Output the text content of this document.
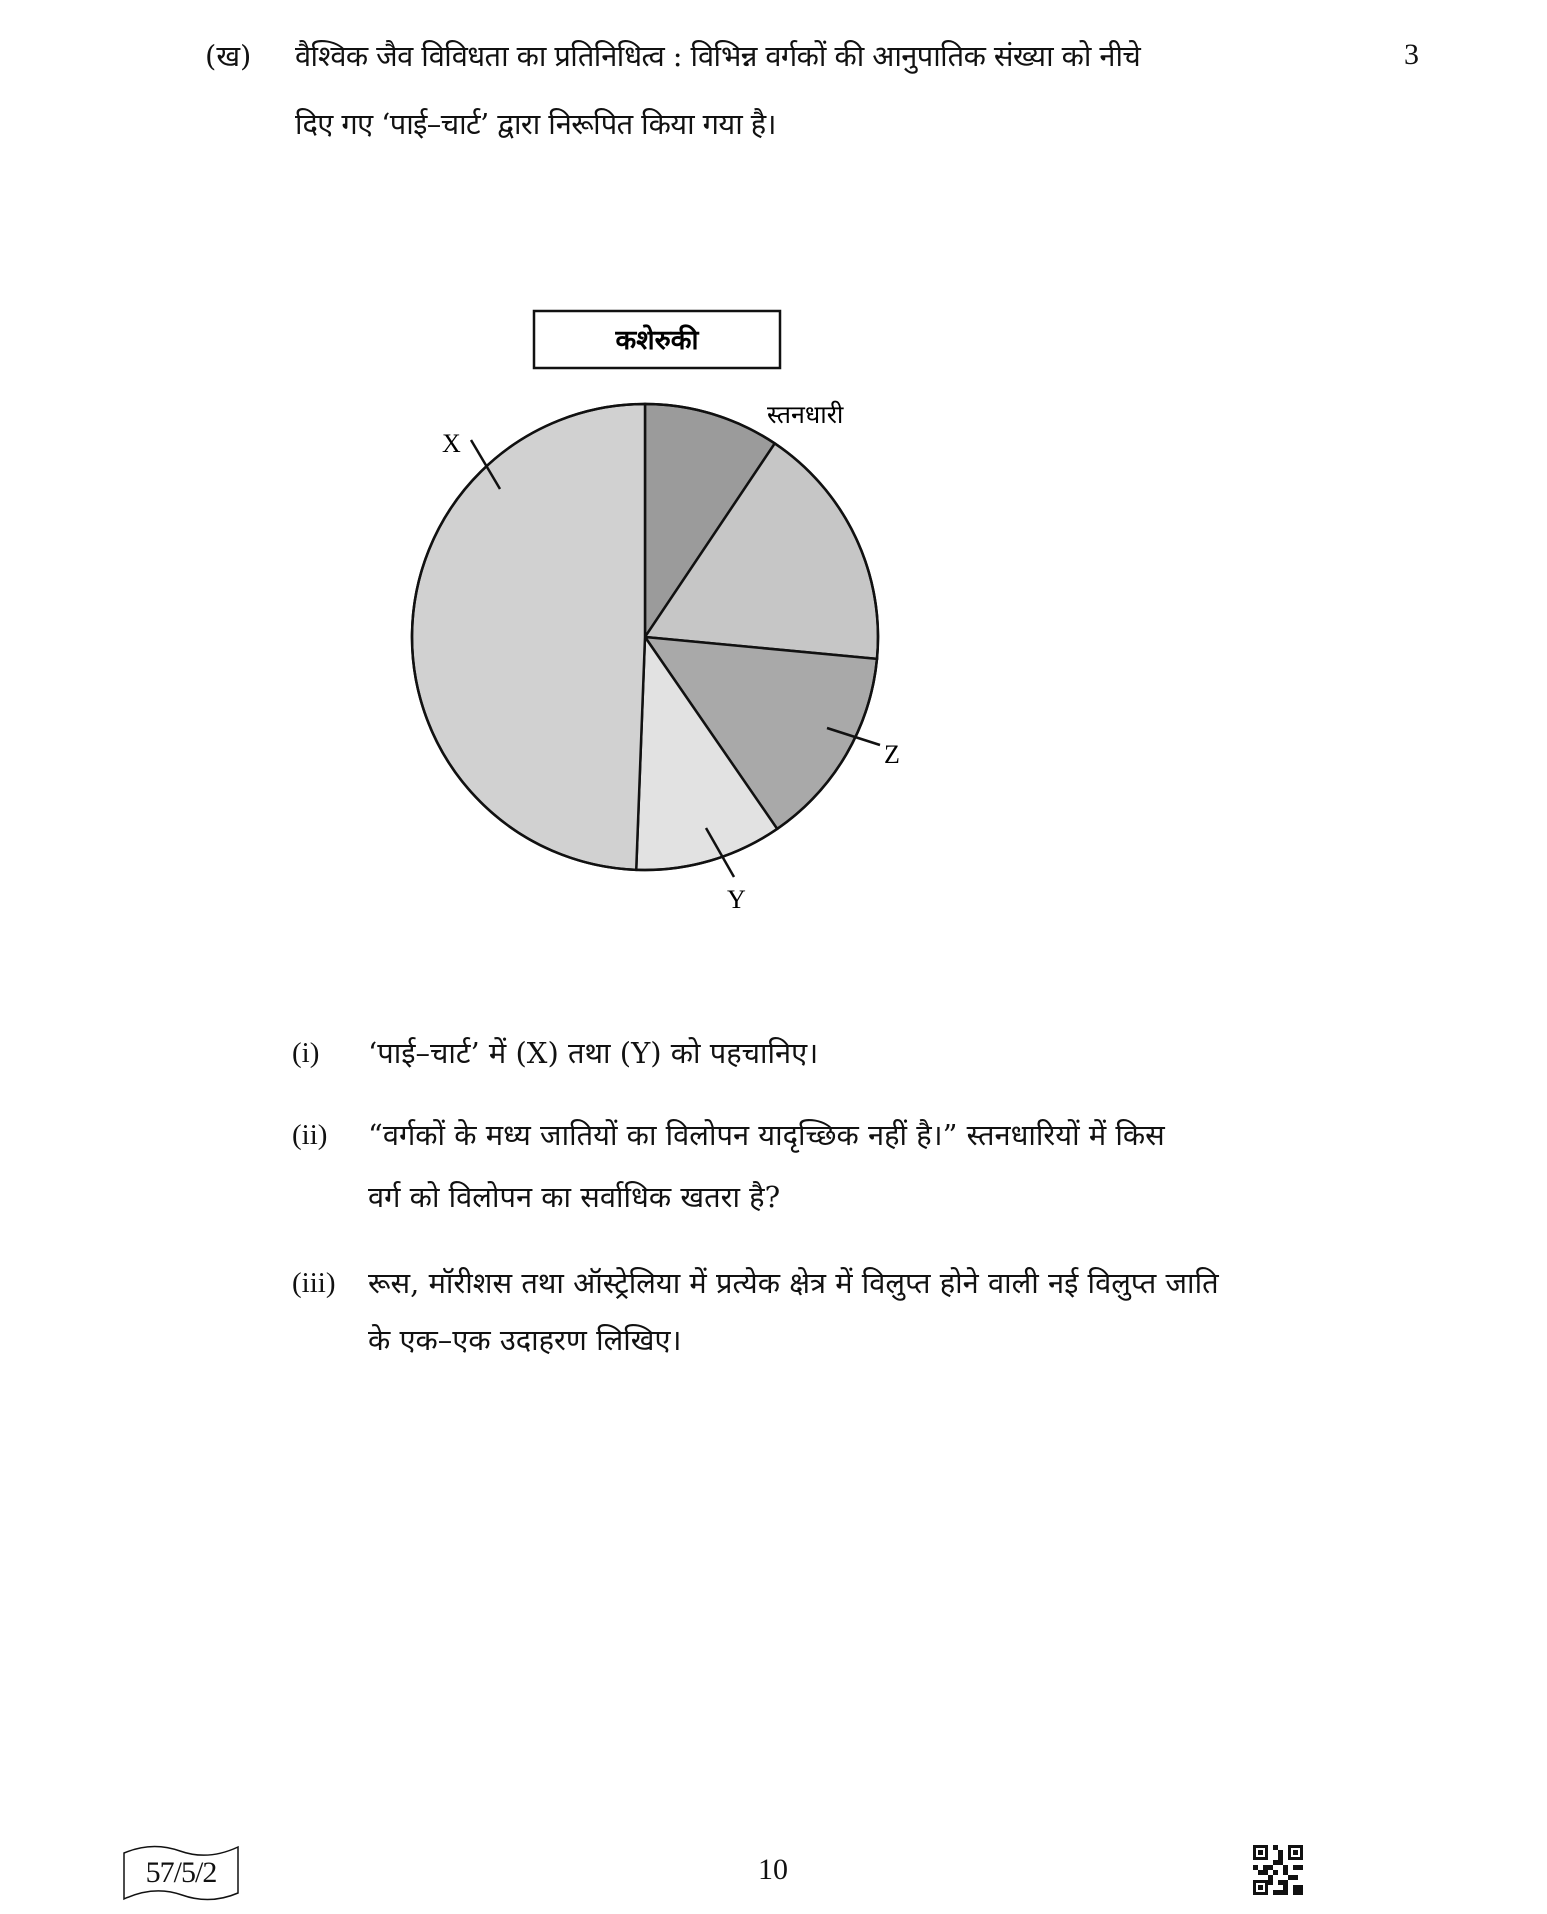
(ख) वैश्विक जैव विविधता का प्रतिनिधित्व : विभिन्न वर्गकों की आनुपातिक संख्या को नीचे
दिए गए ‘पाई–चार्ट’ द्वारा निरूपित किया गया है।
3
कशेरुकी
स्तनधारी
X
Z
Y
(i) ‘पाई–चार्ट’ में (X) तथा (Y) को पहचानिए।
(ii) “वर्गकों के मध्य जातियों का विलोपन यादृच्छिक नहीं है।” स्तनधारियों में किस
वर्ग को विलोपन का सर्वाधिक खतरा है?
(iii) रूस, मॉरीशस तथा ऑस्ट्रेलिया में प्रत्येक क्षेत्र में विलुप्त होने वाली नई विलुप्त जाति
के एक–एक उदाहरण लिखिए।
57/5/2	10
